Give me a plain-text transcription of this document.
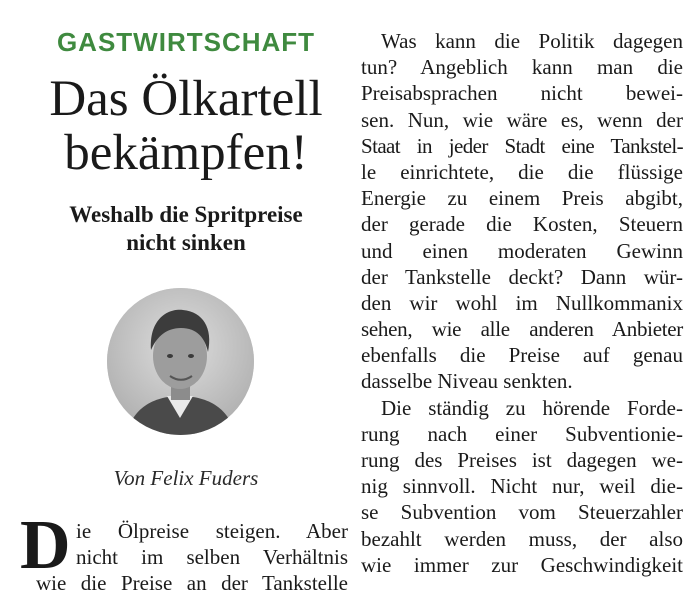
GASTWIRTSCHAFT
Das Ölkartell
bekämpfen!
Weshalb die Spritpreise
nicht sinken
Von Felix Fuders
D ie Ölpreise steigen. Aber
nicht im selben Verhältnis
wie die Preise an der Tankstelle
Was kann die Politik dagegen
tun? Angeblich kann man die
Preisabsprachen nicht bewei-
sen. Nun, wie wäre es, wenn der
Staat in jeder Stadt eine Tankstel-
le einrichtete, die die flüssige
Energie zu einem Preis abgibt,
der gerade die Kosten, Steuern
und einen moderaten Gewinn
der Tankstelle deckt? Dann wür-
den wir wohl im Nullkommanix
sehen, wie alle anderen Anbieter
ebenfalls die Preise auf genau
dasselbe Niveau senkten.
Die ständig zu hörende Forde-
rung nach einer Subventionie-
rung des Preises ist dagegen we-
nig sinnvoll. Nicht nur, weil die-
se Subvention vom Steuerzahler
bezahlt werden muss, der also
wie immer zur Geschwindigkeit
